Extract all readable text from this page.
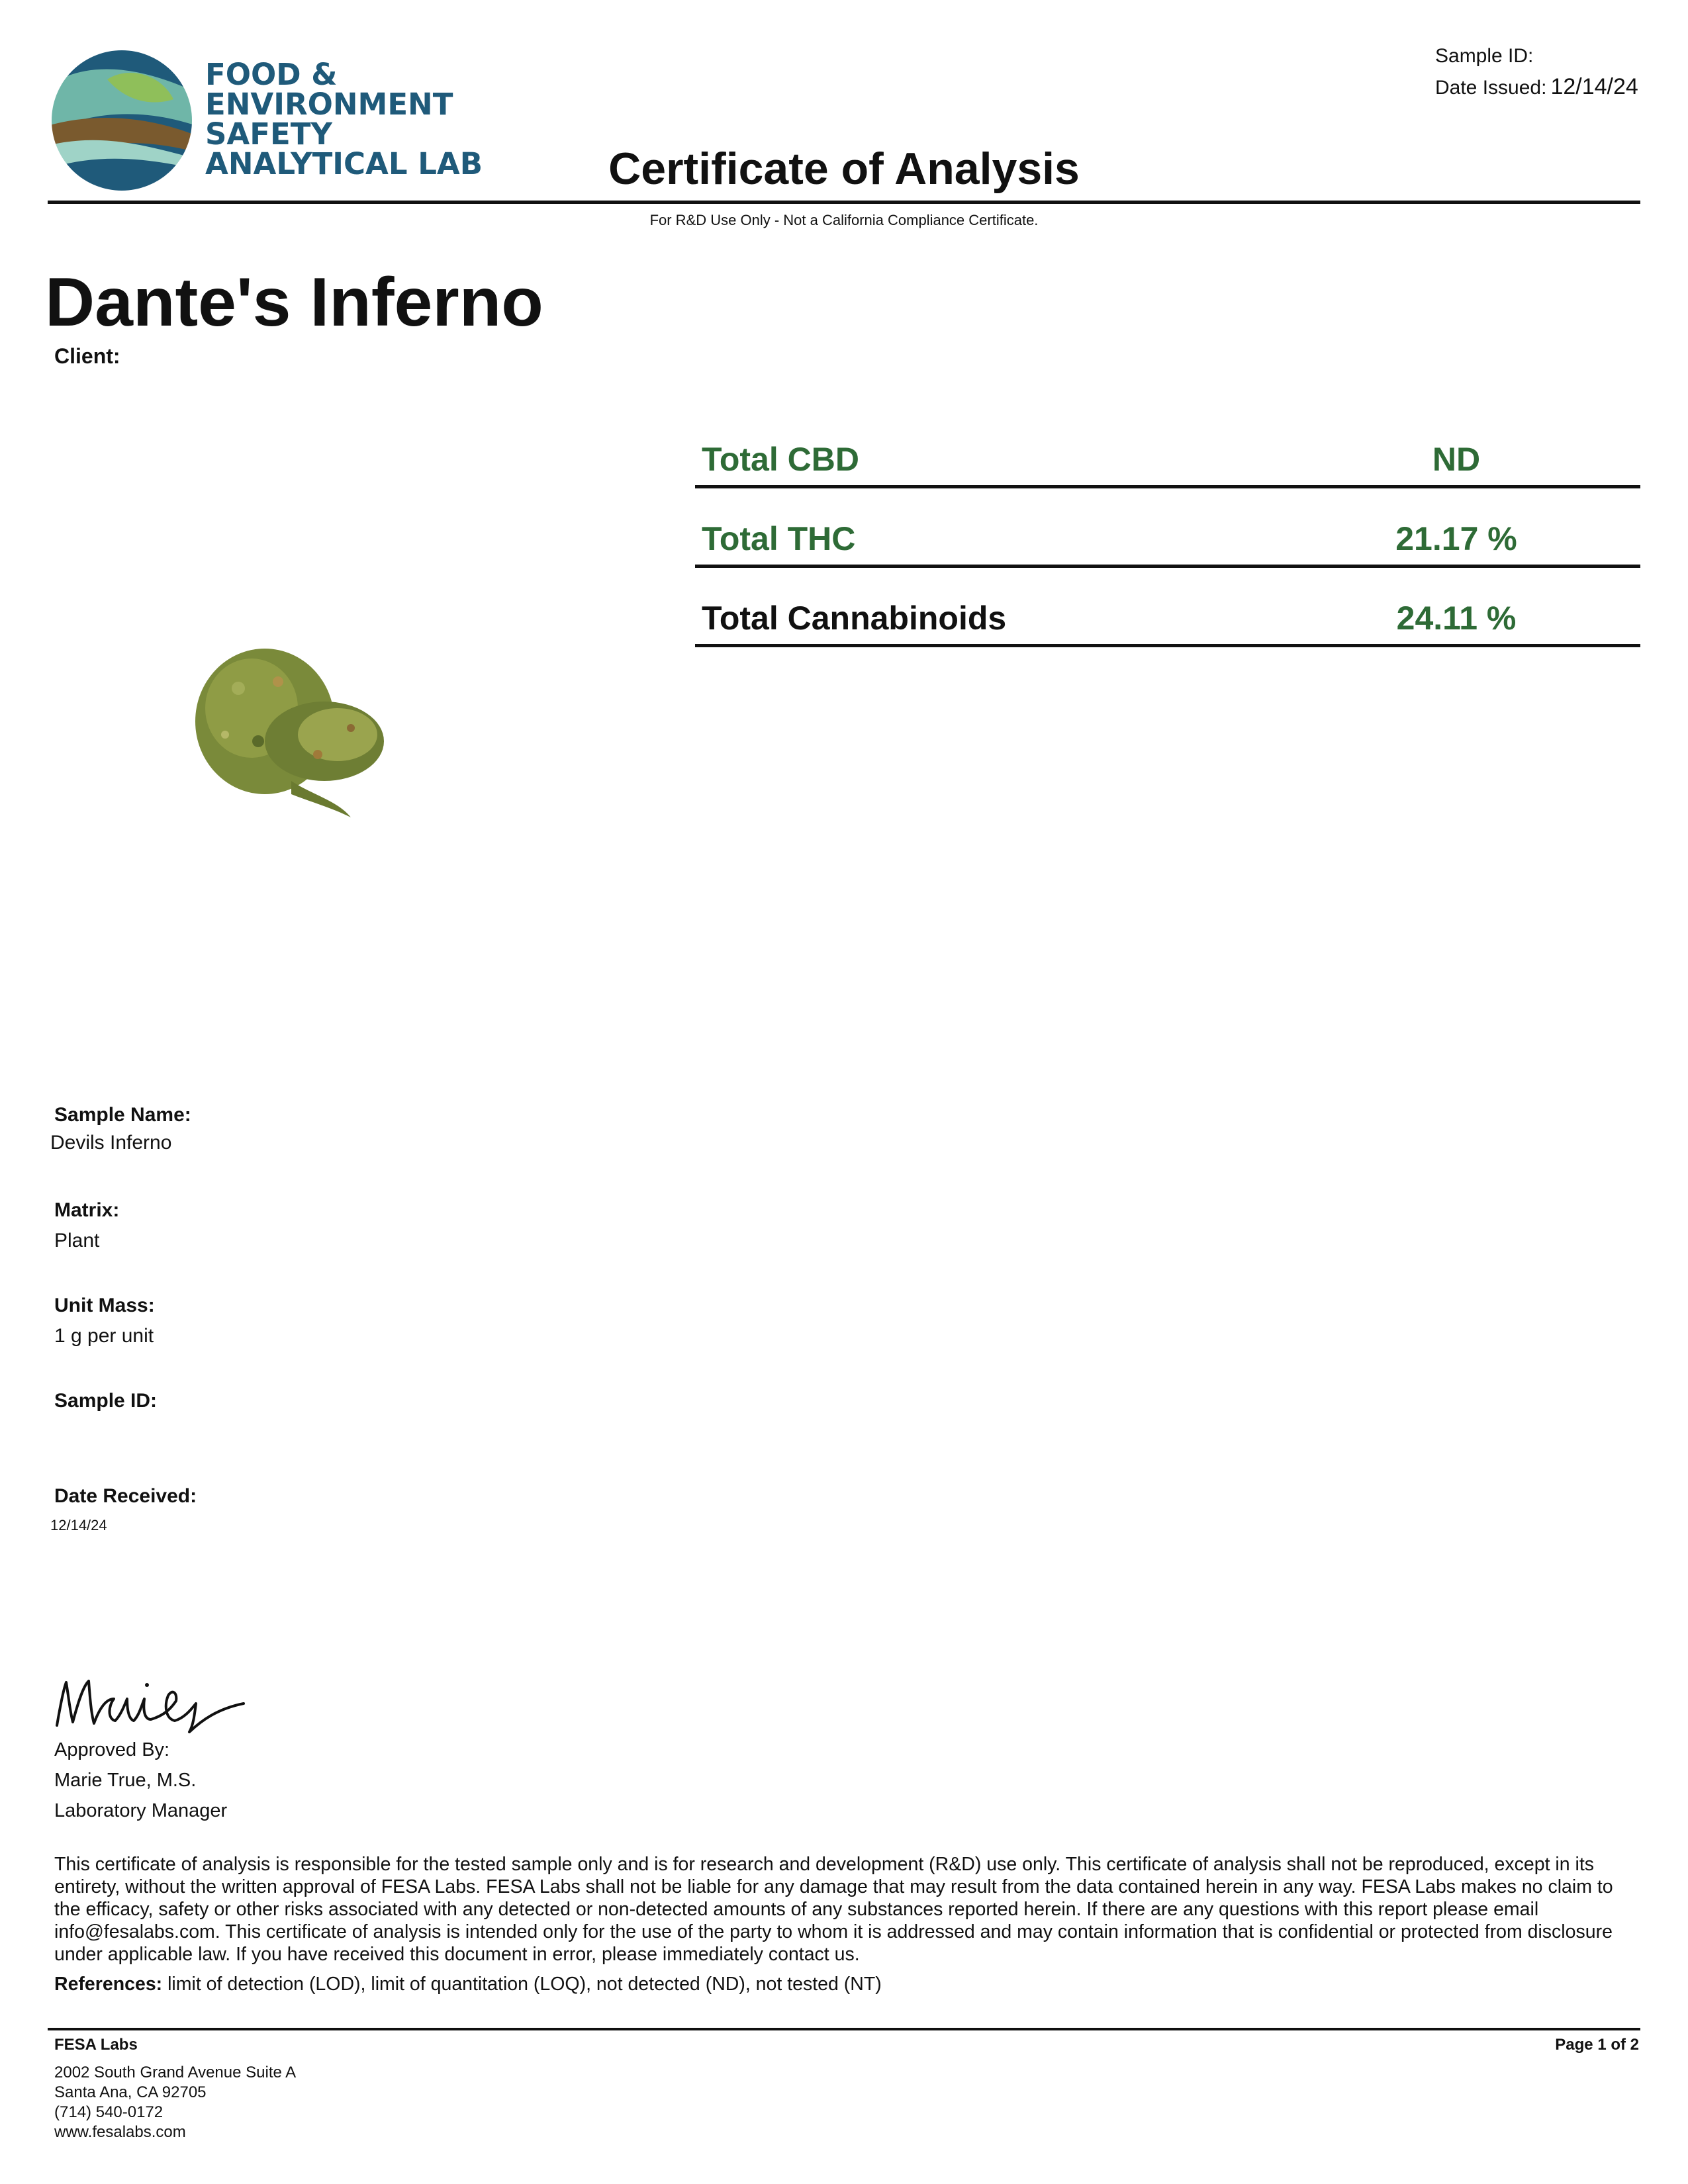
FOOD &
ENVIRONMENT
SAFETY
ANALYTICAL LAB
Sample ID:
Date Issued: 12/14/24
Certificate of Analysis
For R&D Use Only - Not a California Compliance Certificate.
Dante's Inferno
Client:
Total CBD	ND
Total THC	21.17 %
Total Cannabinoids	24.11 %
Sample Name:
Devils Inferno
Matrix:
Plant
Unit Mass:
1 g per unit
Sample ID:
Date Received:
12/14/24
Approved By:
Marie True, M.S.
Laboratory Manager
This certificate of analysis is responsible for the tested sample only and is for research and development (R&D) use only. This certificate of analysis shall not be reproduced, except in its entirety, without the written approval of FESA Labs. FESA Labs shall not be liable for any damage that may result from the data contained herein in any way. FESA Labs makes no claim to the efficacy, safety or other risks associated with any detected or non-detected amounts of any substances reported herein. If there are any questions with this report please email info@fesalabs.com. This certificate of analysis is intended only for the use of the party to whom it is addressed and may contain information that is confidential or protected from disclosure under applicable law. If you have received this document in error, please immediately contact us.
References: limit of detection (LOD), limit of quantitation (LOQ), not detected (ND), not tested (NT)
FESA Labs	Page 1 of 2
2002 South Grand Avenue Suite A
Santa Ana, CA 92705
(714) 540-0172
www.fesalabs.com
